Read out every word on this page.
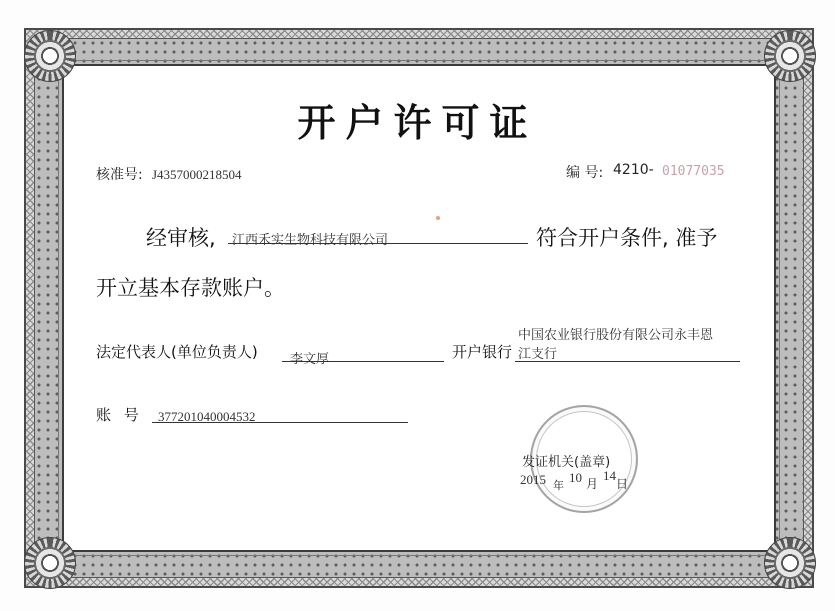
开户许可证
核准号: J4357000218504	编 号: 4210- 01077035
经审核, 江西禾实生物科技有限公司	符合开户条件, 准予
开立基本存款账户。
法定代表人(单位负责人) 李文厚	开户银行
中国农业银行股份有限公司永丰恩
江支行
账 号 377201040004532
发证机关(盖章)
2015 年
10 月
14
日
